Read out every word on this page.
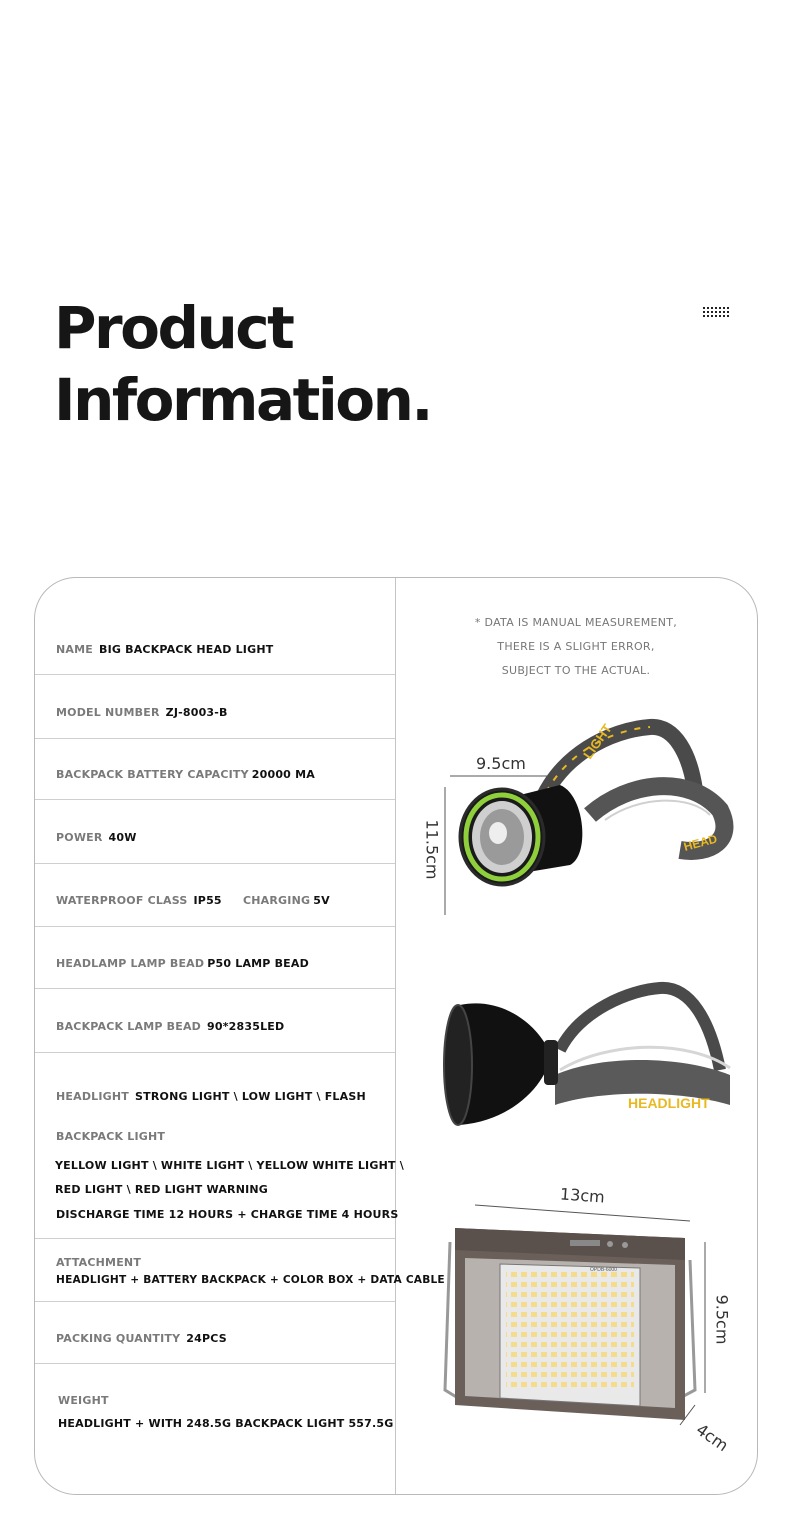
Product
Information.
NAME BIG BACKPACK HEAD LIGHT
MODEL NUMBER ZJ-8003-B
BACKPACK BATTERY CAPACITY 20000 MA
POWER 40W
WATERPROOF CLASS IP55 CHARGING 5V
HEADLAMP LAMP BEAD P50 LAMP BEAD
BACKPACK LAMP BEAD 90*2835LED
HEADLIGHT STRONG LIGHT \ LOW LIGHT \ FLASH
BACKPACK LIGHT
YELLOW LIGHT \ WHITE LIGHT \ YELLOW WHITE LIGHT \
RED LIGHT \ RED LIGHT WARNING
DISCHARGE TIME 12 HOURS + CHARGE TIME 4 HOURS
ATTACHMENT
HEADLIGHT + BATTERY BACKPACK + COLOR BOX + DATA CABLE
PACKING QUANTITY 24PCS
WEIGHT
HEADLIGHT + WITH 248.5G BACKPACK LIGHT 557.5G
* DATA IS MANUAL MEASUREMENT,
THERE IS A SLIGHT ERROR,
SUBJECT TO THE ACTUAL.
LIGHT
HEAD
HEADLIGHT
OPDB-6000
9.5cm
11.5cm
13cm
9.5cm
4cm
